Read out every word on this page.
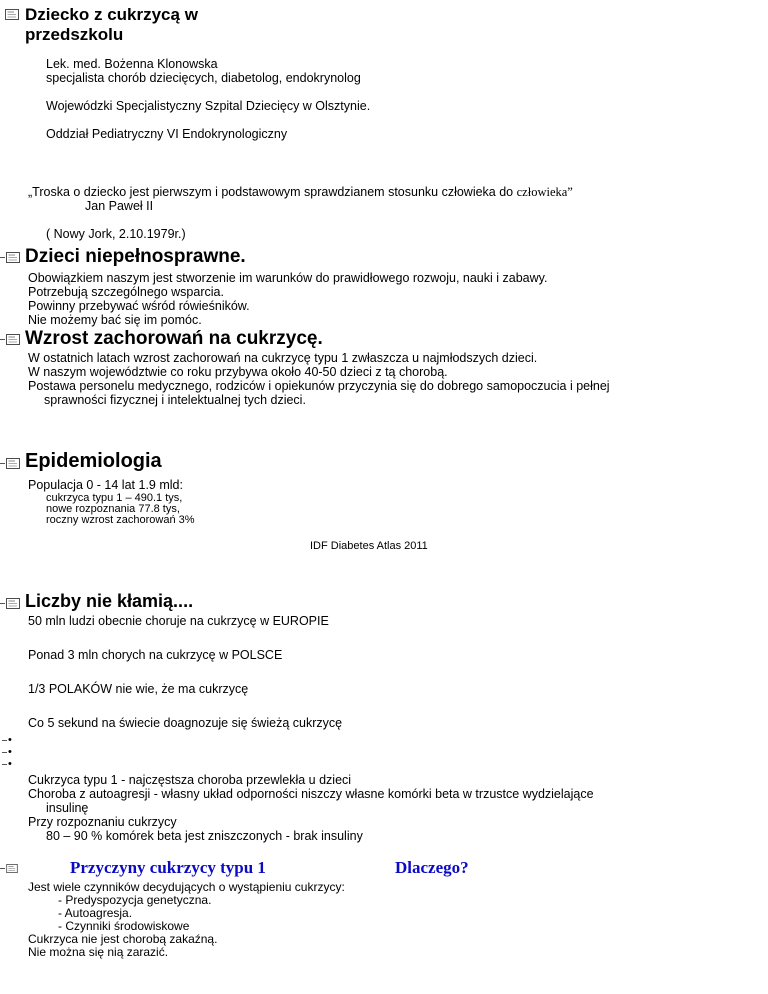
Dziecko z cukrzycą w
przedszkolu
Lek. med. Bożenna Klonowska
specjalista chorób dziecięcych, diabetolog, endokrynolog
Wojewódzki Specjalistyczny Szpital Dziecięcy w Olsztynie.
Oddział Pediatryczny VI Endokrynologiczny
„Troska o dziecko jest pierwszym i podstawowym sprawdzianem stosunku człowieka do człowieka”
Jan Paweł II
( Nowy Jork, 2.10.1979r.)
Dzieci niepełnosprawne.
Obowiązkiem naszym jest stworzenie im warunków do prawidłowego rozwoju, nauki i zabawy.
Potrzebują szczególnego wsparcia.
Powinny przebywać wśród rówieśników.
Nie możemy bać się im pomóc.
Wzrost zachorowań na cukrzycę.
W ostatnich latach wzrost zachorowań na cukrzycę typu 1 zwłaszcza u najmłodszych dzieci.
W naszym województwie co roku przybywa około 40-50 dzieci z tą chorobą.
Postawa personelu medycznego, rodziców i opiekunów przyczynia się do dobrego samopoczucia i pełnej
sprawności fizycznej i intelektualnej tych dzieci.
Epidemiologia
Populacja 0 - 14 lat 1.9 mld:
cukrzyca typu 1 – 490.1 tys,
nowe rozpoznania 77.8 tys,
roczny wzrost zachorowań 3%
IDF Diabetes Atlas 2011
Liczby nie kłamią....
50 mln ludzi obecnie choruje na cukrzycę w EUROPIE
Ponad 3 mln chorych na cukrzycę w POLSCE
1/3 POLAKÓW nie wie, że ma cukrzycę
Co 5 sekund na świecie doagnozuje się świeżą cukrzycę
•
•
•
Cukrzyca typu 1 - najczęstsza choroba przewlekła u dzieci
Choroba z autoagresji - własny układ odporności niszczy własne komórki beta w trzustce wydzielające
insulinę
Przy rozpoznaniu cukrzycy
80 – 90 % komórek beta jest zniszczonych - brak insuliny
Przyczyny cukrzycy typu 1	Dlaczego?
Jest wiele czynników decydujących o wystąpieniu cukrzycy:
- Predyspozycja genetyczna.
- Autoagresja.
- Czynniki środowiskowe
Cukrzyca nie jest chorobą zakaźną.
Nie można się nią zarazić.
